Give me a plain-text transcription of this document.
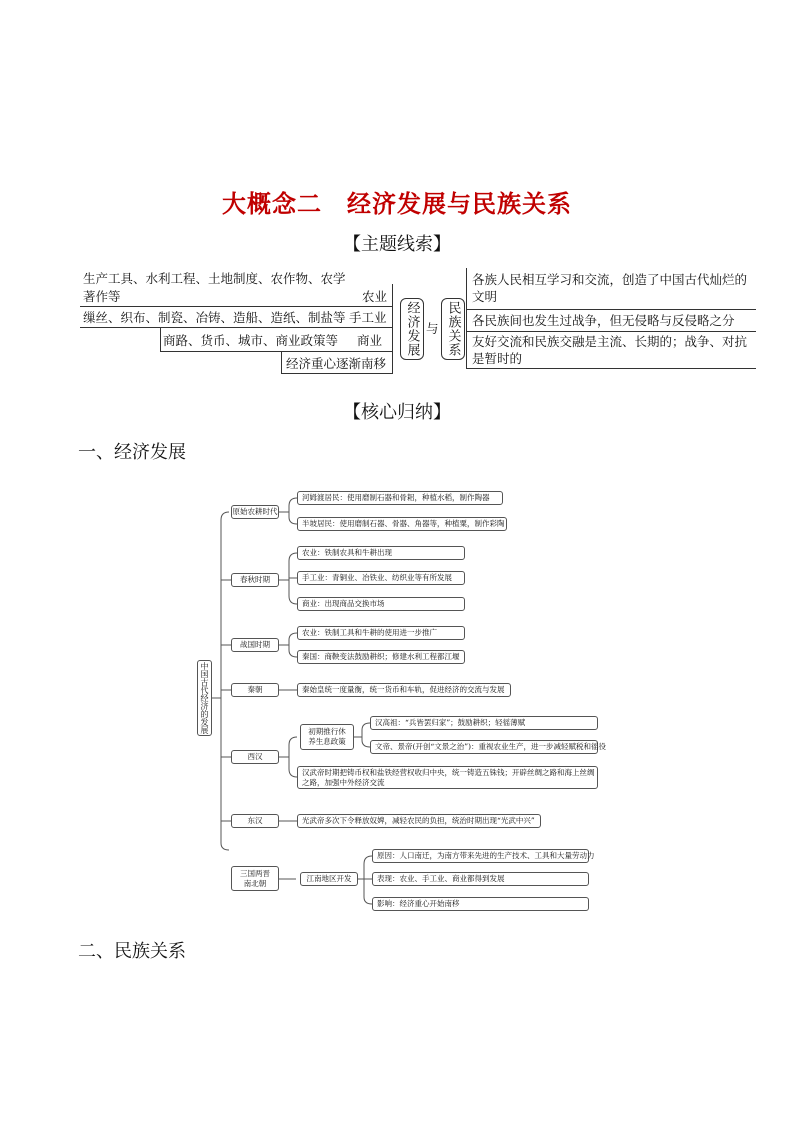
大概念二　经济发展与民族关系
【主题线索】
生产工具、水利工程、土地制度、农作物、农学
著作等	农业
缫丝、织布、制瓷、冶铸、造船、造纸、制盐等 手工业
商路、货币、城市、商业政策等 商业
经济重心逐渐南移
经济发展 与 民族关系
各族人民相互学习和交流，创造了中国古代灿烂的文明
各民族间也发生过战争，但无侵略与反侵略之分
友好交流和民族交融是主流、长期的；战争、对抗是暂时的
【核心归纳】
一、经济发展
中国古代经济的发展
原始农耕时代
春秋时期
战国时期
秦朝
西汉
东汉
三国两晋南北朝
河姆渡居民：使用磨制石器和骨耜，种植水稻，制作陶器
半坡居民：使用磨制石器、骨器、角器等，种植粟，制作彩陶
农业：铁制农具和牛耕出现
手工业：青铜业、冶铁业、纺织业等有所发展
商业：出现商品交换市场
农业：铁制工具和牛耕的使用进一步推广
秦国：商鞅变法鼓励耕织；修建水利工程都江堰
秦始皇统一度量衡，统一货币和车轨，促进经济的交流与发展
初期推行休养生息政策
汉高祖：“兵皆罢归家”；鼓励耕织；轻徭薄赋
文帝、景帝(开创“文景之治”)：重视农业生产，进一步减轻赋税和徭役
汉武帝时期把铸币权和盐铁经营权收归中央，统一铸造五铢钱；开辟丝绸之路和海上丝绸
之路，加强中外经济交流
光武帝多次下令释放奴婢，减轻农民的负担，统治时期出现“光武中兴”
江南地区开发
原因：人口南迁，为南方带来先进的生产技术、工具和大量劳动力
表现：农业、手工业、商业都得到发展
影响：经济重心开始南移
二、民族关系
